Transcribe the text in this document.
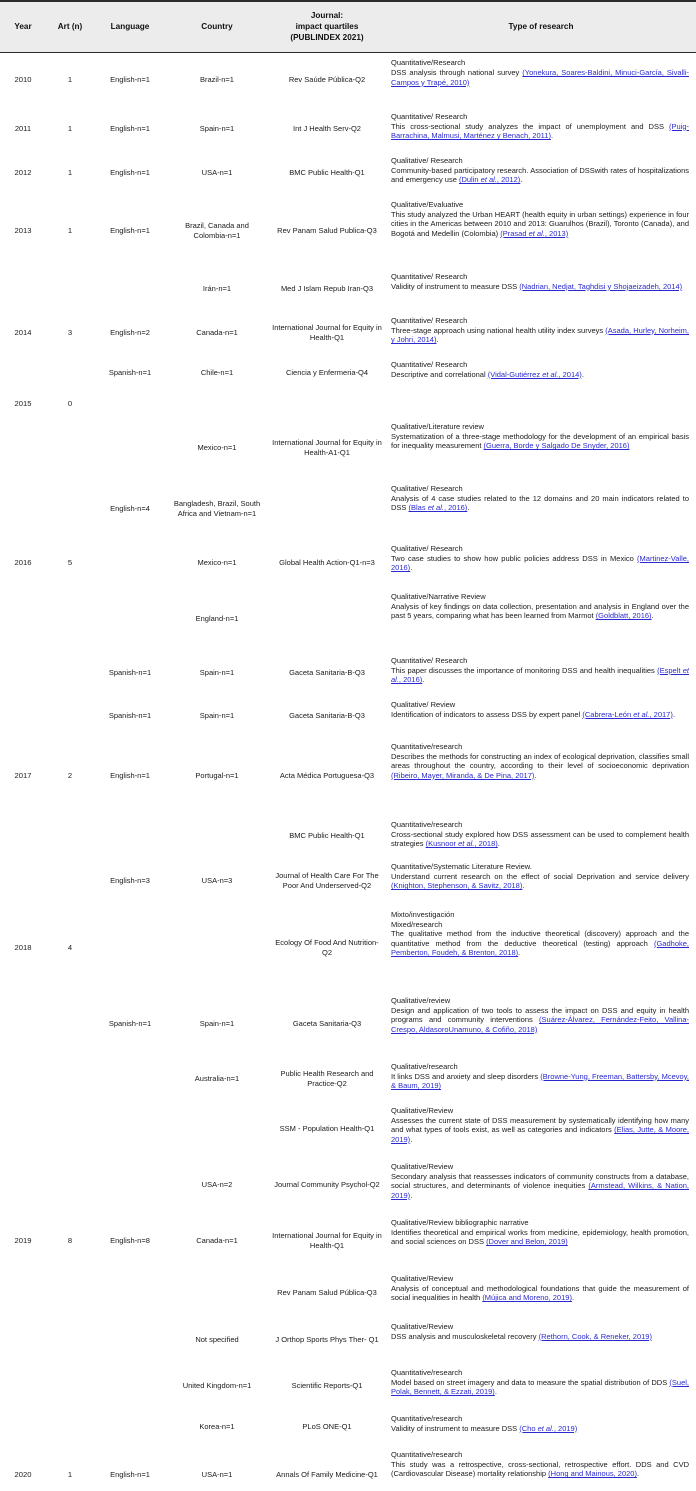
Year	Art (n)	Language	Country	Journal:
impact quartiles
(PUBLINDEX 2021)	Type of research
2010	1	English-n=1	Brazil-n=1	Rev Saúde Pública-Q2	Quantitative/Research
DSS analysis through national survey (Yonekura, Soares-Baldini, Minuci-García, Sivalli-Campos y Trapé, 2010)

2011	1	English-n=1	Spain-n=1	Int J Health Serv-Q2	Quantitative/ Research
This cross-sectional study analyzes the impact of unemployment and DSS (Puig-Barrachina, Malmusi, Marténez y Benach, 2011).

2012	1	English-n=1	USA-n=1	BMC Public Health-Q1	Qualitative/ Research
Community-based participatory research. Association of DSSwith rates of hospitalizations and emergency use (Dulin et al., 2012).

2013	1	English-n=1	Brazil, Canada and Colombia-n=1	Rev Panam Salud Publica-Q3	Qualitative/Evaluative
This study analyzed the Urban HEART (health equity in urban settings) experience in four cities in the Americas between 2010 and 2013: Guarulhos (Brazil), Toronto (Canada), and Bogotá and Medellin (Colombia) (Prasad et al., 2013)

			Irán-n=1	Med J Islam Repub Iran-Q3	Quantitative/ Research
Validity of instrument to measure DSS (Nadrian, Nedjat, Taghdisi y Shojaeizadeh, 2014)

2014	3	English-n=2	Canada-n=1	International Journal for Equity in Health-Q1	Quantitative/ Research
Three-stage approach using national health utility index surveys (Asada, Hurley, Norheim, y Johri, 2014).

		Spanish-n=1	Chile-n=1	Ciencia y Enfermeria-Q4	Quantitative/ Research
Descriptive and correlational (Vidal-Gutiérrez et al., 2014).

2015	0				
			Mexico-n=1	International Journal for Equity in Health-A1-Q1	Qualitative/Literature review
Systematization of a three-stage methodology for the development of an empirical basis for inequality measurement (Guerra, Borde y Salgado De Snyder, 2016)

		English-n=4	Bangladesh, Brazil, South Africa and Vietnam-n=1		Qualitative/ Research
Analysis of 4 case studies related to the 12 domains and 20 main indicators related to DSS (Blas et al., 2016).

2016	5		Mexico-n=1	Global Health Action-Q1-n=3	Qualitative/ Research
Two case studies to show how public policies address DSS in Mexico (Martinez-Valle, 2016).

			England-n=1		Qualitative/Narrative Review
Analysis of key findings on data collection, presentation and analysis in England over the past 5 years, comparing what has been learned from Marmot (Goldblatt, 2016).

		Spanish-n=1	Spain-n=1	Gaceta Sanitaria-B-Q3	Quantitative/ Research
This paper discusses the importance of monitoring DSS and health inequalities (Espelt et al., 2016).

		Spanish-n=1	Spain-n=1	Gaceta Sanitaria-B-Q3	Qualitative/ Review
Identification of indicators to assess DSS by expert panel (Cabrera-León et al., 2017).

2017	2	English-n=1	Portugal-n=1	Acta Médica Portuguesa-Q3	Quantitative/research
Describes the methods for constructing an index of ecological deprivation, classifies small areas throughout the country, according to their level of socioeconomic deprivation (Ribeiro, Mayer, Miranda, & De Pina, 2017).

				BMC Public Health-Q1	Quantitative/research
Cross-sectional study explored how DSS assessment can be used to complement health strategies (Kusnoor et al., 2018).

		English-n=3	USA-n=3	Journal of Health Care For The Poor And Underserved-Q2	Quantitative/Systematic Literature Review.
Understand current research on the effect of social Deprivation and service delivery (Knighton, Stephenson, & Savitz, 2018).

2018	4			Ecology Of Food And Nutrition-Q2	Mixto/investigación
Mixed/research
The qualitative method from the inductive theoretical (discovery) approach and the quantitative method from the deductive theoretical (testing) approach (Gadhoke, Pemberton, Foudeh, & Brenton, 2018).

		Spanish-n=1	Spain-n=1	Gaceta Sanitaria-Q3	Qualitative/review
Design and application of two tools to assess the impact on DSS and equity in health programs and community interventions (Suárez-Álvarez, Fernández-Feito, Vallina-Crespo, AldasoroUnamuno, & Cofiño, 2018)

			Australia-n=1	Public Health Research and Practice-Q2	Qualitative/research
It links DSS and anxiety and sleep disorders (Browne-Yung, Freeman, Battersby, Mcevoy, & Baum, 2019)

				SSM - Population Health-Q1	Qualitative/Review
Assesses the current state of DSS measurement by systematically identifying how many and what types of tools exist, as well as categories and indicators (Elias, Jutte, & Moore, 2019).

			USA-n=2	Journal Community Psychol-Q2	Qualitative/Review
Secondary analysis that reassesses indicators of community constructs from a database, social structures, and determinants of violence inequities (Armstead, Wilkins, & Nation, 2019).

2019	8	English-n=8	Canada-n=1	International Journal for Equity in Health-Q1	Qualitative/Review bibliographic narrative
Identifies theoretical and empirical works from medicine, epidemiology, health promotion, and social sciences on DSS (Dover and Belon, 2019)

				Rev Panam Salud Pública-Q3	Qualitative/Review
Analysis of conceptual and methodological foundations that guide the measurement of social inequalities in health (Mújica and Moreno, 2019).

			Not specified	J Orthop Sports Phys Ther- Q1	Qualitative/Review
DSS analysis and musculoskeletal recovery (Rethorn, Cook, & Reneker, 2019)

			United Kingdom-n=1	Scientific Reports-Q1	Quantitative/research
Model based on street imagery and data to measure the spatial distribution of DDS (Suel, Polak, Bennett, & Ezzati, 2019).

			Korea-n=1	PLoS ONE-Q1	Quantitative/research
Validity of instrument to measure DSS (Cho et al., 2019)

2020	1	English-n=1	USA-n=1	Annals Of Family Medicine-Q1	Quantitative/research
This study was a retrospective, cross-sectional, retrospective effort. DDS and CVD (Cardiovascular Disease) mortality relationship (Hong and Mainous, 2020).
